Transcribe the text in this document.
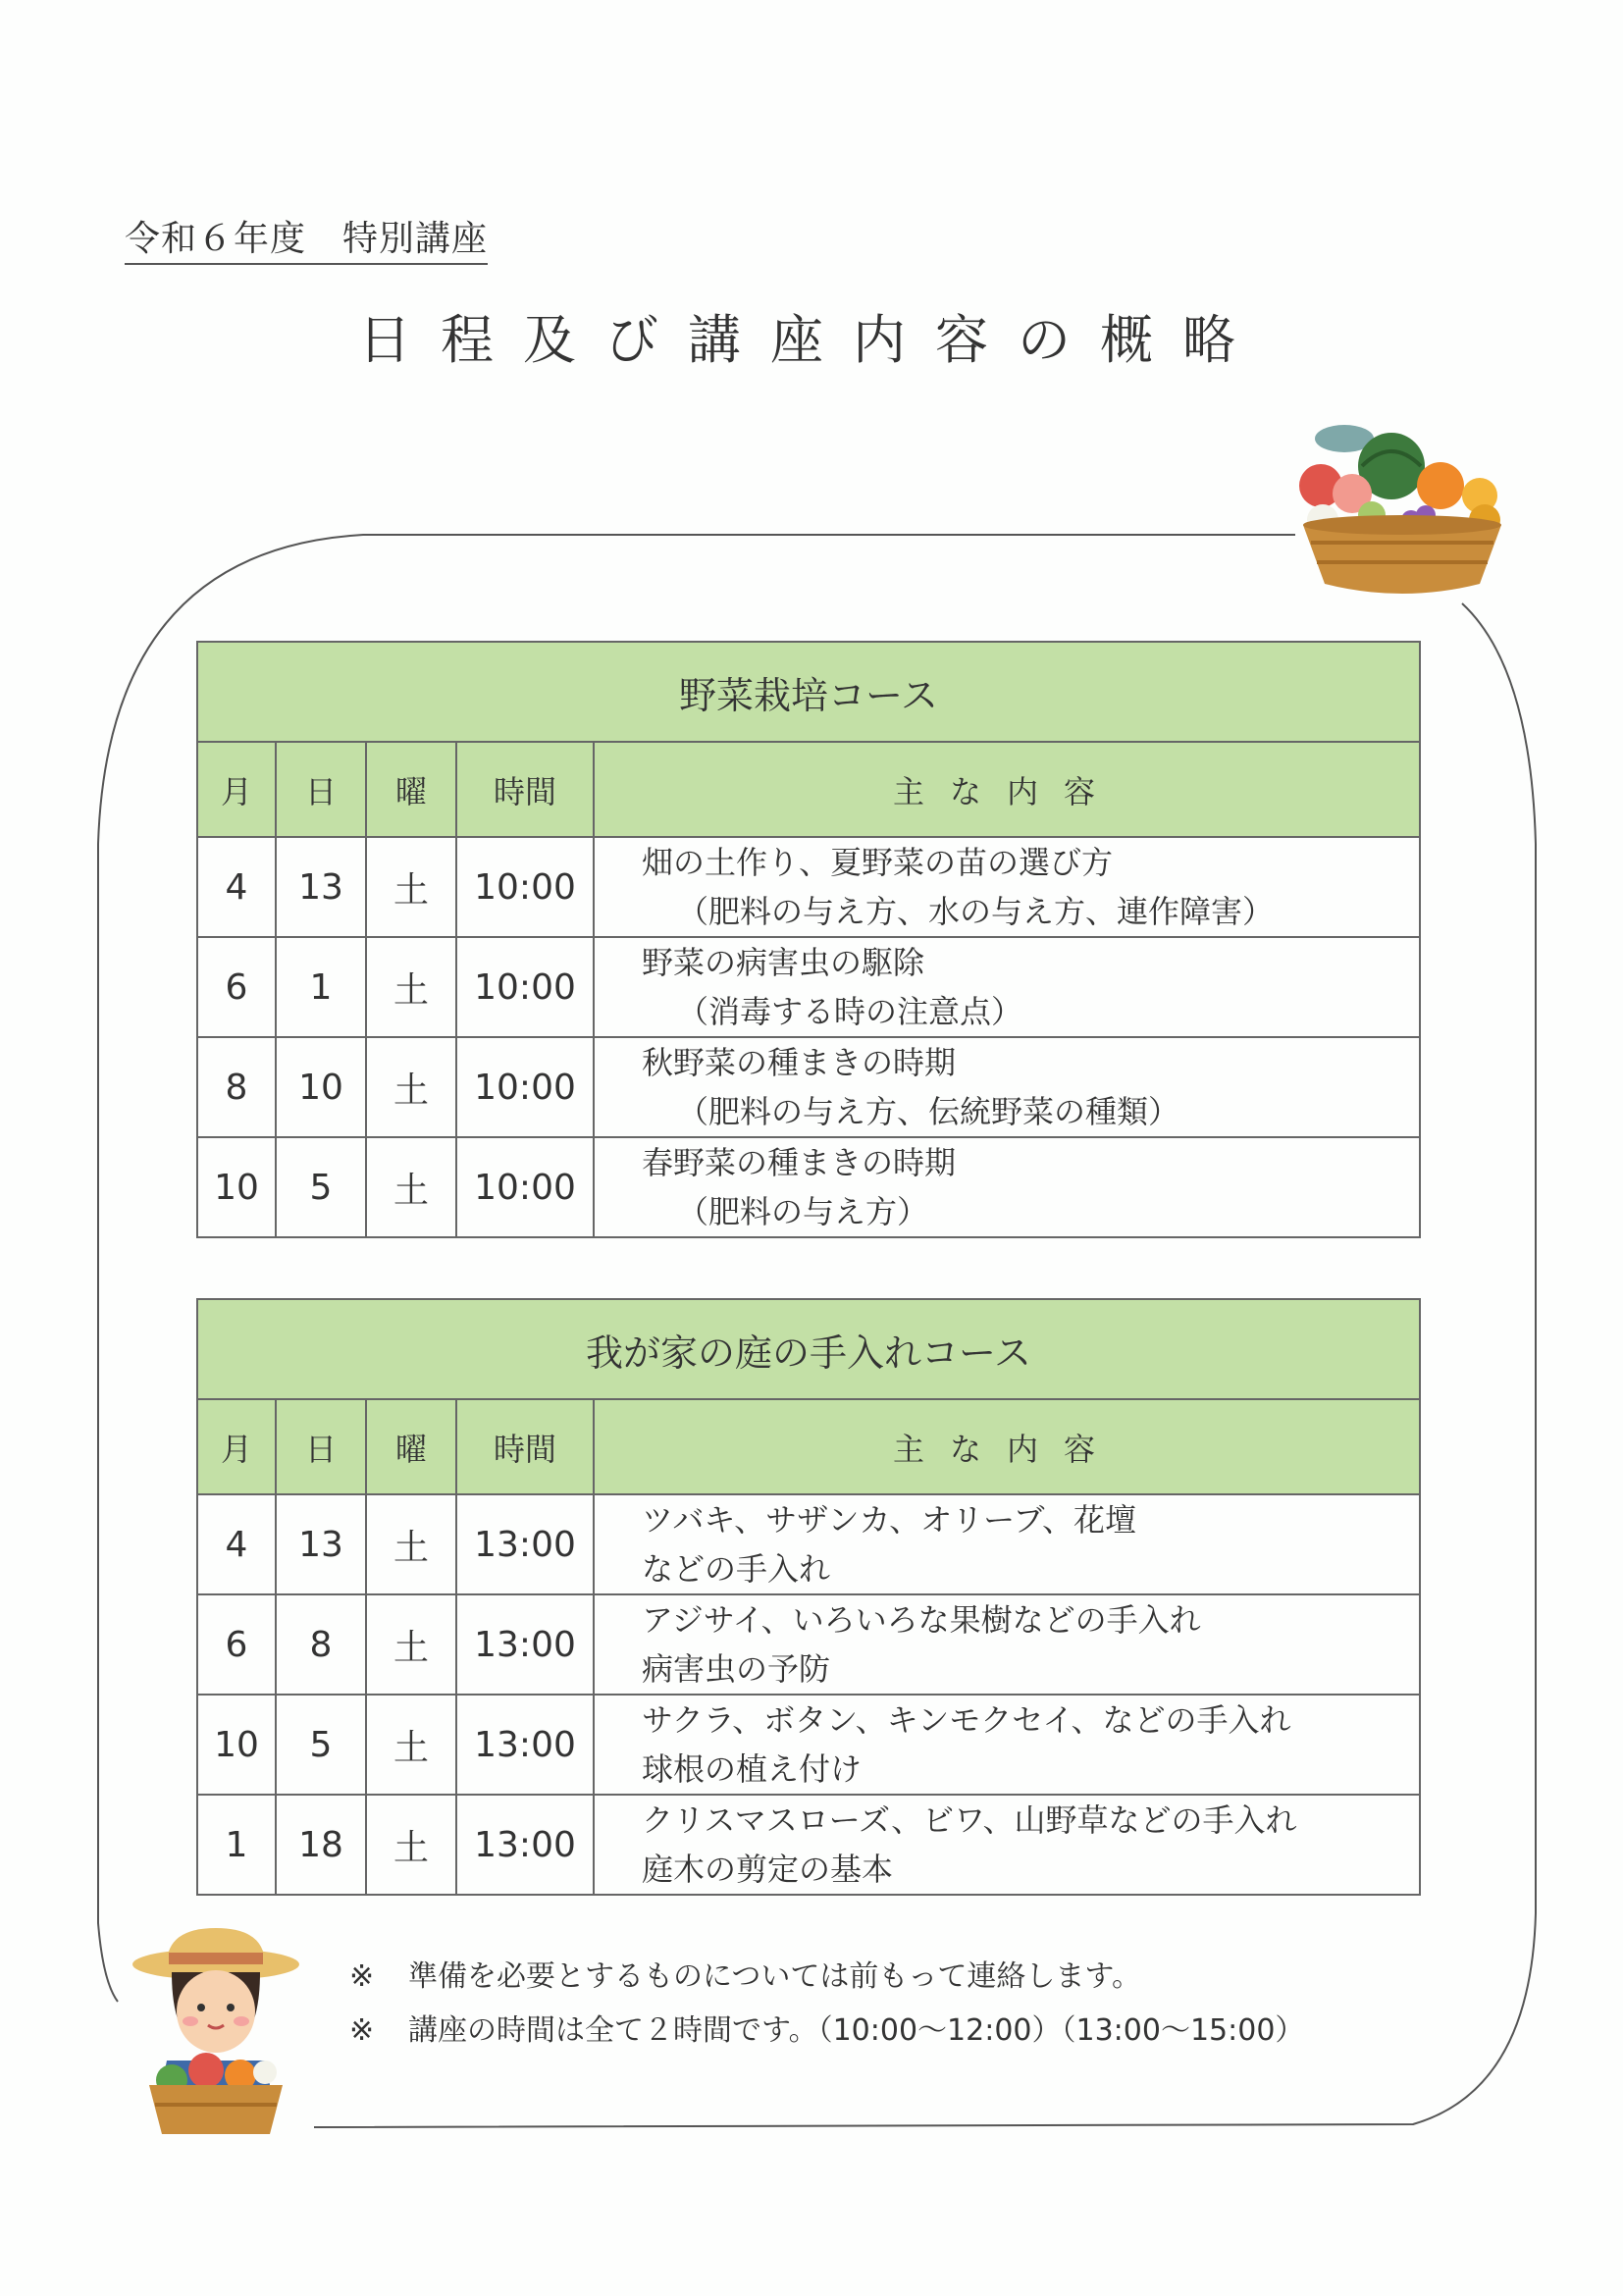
令和６年度　特別講座
日程及び講座内容の概略
野菜栽培コース				
月	日	曜	時間	主な内容
4	13	土	10:00	畑の土作り、夏野菜の苗の選び方
（肥料の与え方、水の与え方、連作障害）

6	1	土	10:00	野菜の病害虫の駆除
（消毒する時の注意点）

8	10	土	10:00	秋野菜の種まきの時期
（肥料の与え方、伝統野菜の種類）

10	5	土	10:00	春野菜の種まきの時期
（肥料の与え方）
我が家の庭の手入れコース				
月	日	曜	時間	主な内容
4	13	土	13:00	ツバキ、サザンカ、オリーブ、花壇
などの手入れ

6	8	土	13:00	アジサイ、いろいろな果樹などの手入れ
病害虫の予防

10	5	土	13:00	サクラ、ボタン、キンモクセイ、などの手入れ
球根の植え付け

1	18	土	13:00	クリスマスローズ、ビワ、山野草などの手入れ
庭木の剪定の基本
※ 準備を必要とするものについては前もって連絡します。
※ 講座の時間は全て２時間です。（10:00～12:00）（13:00～15:00）
